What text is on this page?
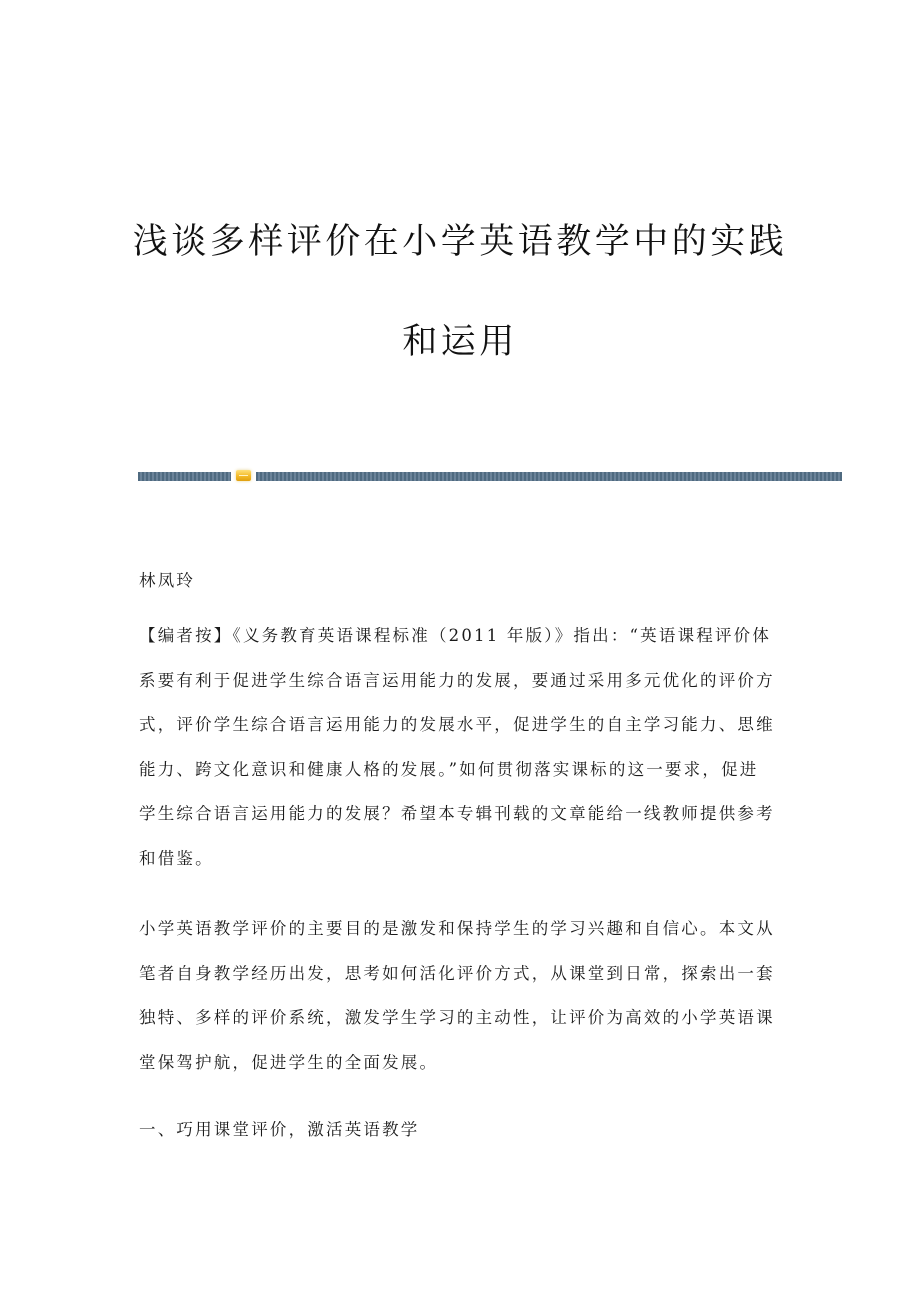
浅谈多样评价在小学英语教学中的实践
和运用

林凤玲

【编者按】《义务教育英语课程标准（2011 年版）》指出：“英语课程评价体
系要有利于促进学生综合语言运用能力的发展，要通过采用多元优化的评价方
式，评价学生综合语言运用能力的发展水平，促进学生的自主学习能力、思维
能力、跨文化意识和健康人格的发展。”如何贯彻落实课标的这一要求，促进
学生综合语言运用能力的发展？希望本专辑刊载的文章能给一线教师提供参考
和借鉴。

小学英语教学评价的主要目的是激发和保持学生的学习兴趣和自信心。本文从
笔者自身教学经历出发，思考如何活化评价方式，从课堂到日常，探索出一套
独特、多样的评价系统，激发学生学习的主动性，让评价为高效的小学英语课
堂保驾护航，促进学生的全面发展。

一、巧用课堂评价，激活英语教学
